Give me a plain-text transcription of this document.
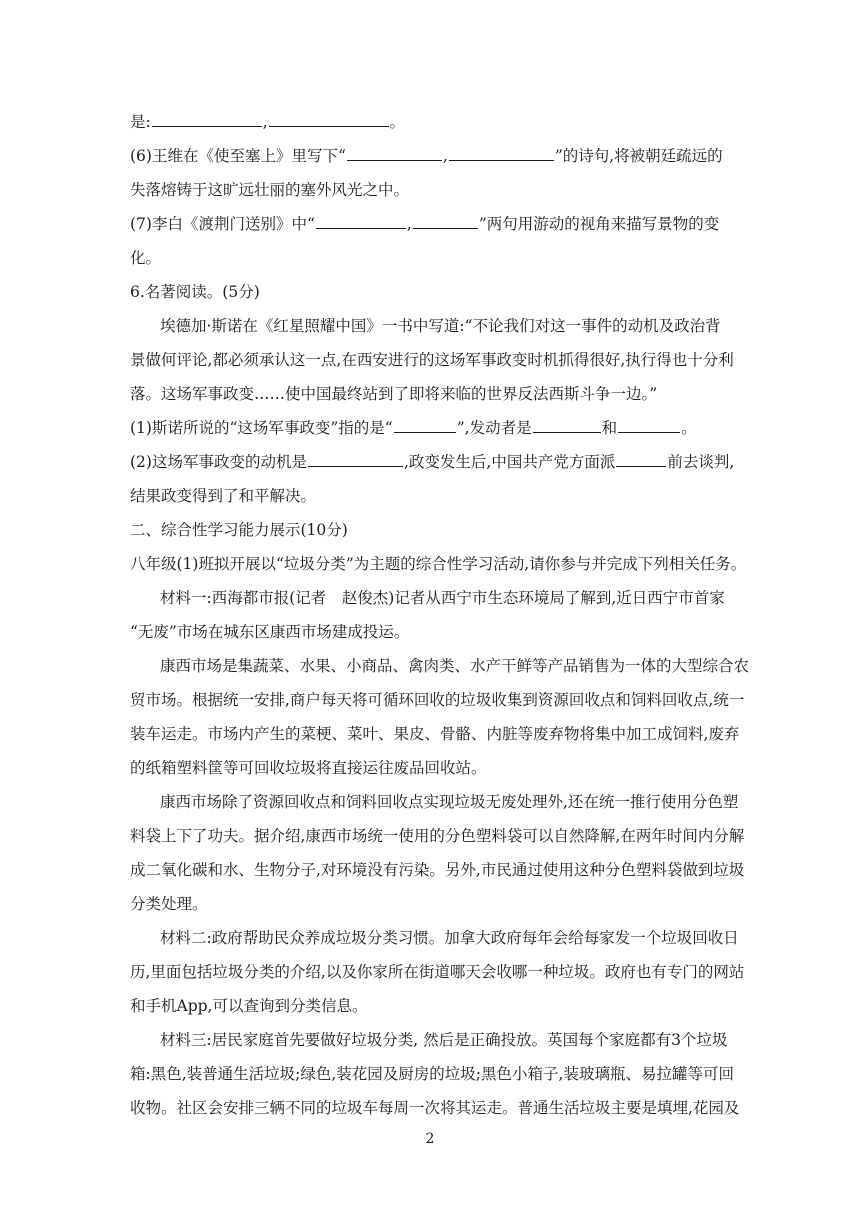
是:	,	。
(6)王维在《使至塞上》里写下“	,	”的诗句,将被朝廷疏远的
失落熔铸于这旷远壮丽的塞外风光之中。
(7)李白《渡荆门送别》中“	,	”两句用游动的视角来描写景物的变
化。
6.名著阅读。(5分)
埃德加·斯诺在《红星照耀中国》一书中写道:“不论我们对这一事件的动机及政治背
景做何评论,都必须承认这一点,在西安进行的这场军事政变时机抓得很好,执行得也十分利
落。这场军事政变……使中国最终站到了即将来临的世界反法西斯斗争一边。”
(1)斯诺所说的“这场军事政变”指的是“	”,发动者是	和	。
(2)这场军事政变的动机是	,政变发生后,中国共产党方面派	前去谈判,
结果政变得到了和平解决。
二、综合性学习能力展示(10分)
八年级(1)班拟开展以“垃圾分类”为主题的综合性学习活动,请你参与并完成下列相关任务。
材料一:西海都市报(记者　赵俊杰)记者从西宁市生态环境局了解到,近日西宁市首家
“无废”市场在城东区康西市场建成投运。
康西市场是集蔬菜、水果、小商品、禽肉类、水产干鲜等产品销售为一体的大型综合农
贸市场。根据统一安排,商户每天将可循环回收的垃圾收集到资源回收点和饲料回收点,统一
装车运走。市场内产生的菜梗、菜叶、果皮、骨骼、内脏等废弃物将集中加工成饲料,废弃
的纸箱塑料筐等可回收垃圾将直接运往废品回收站。
康西市场除了资源回收点和饲料回收点实现垃圾无废处理外,还在统一推行使用分色塑
料袋上下了功夫。据介绍,康西市场统一使用的分色塑料袋可以自然降解,在两年时间内分解
成二氧化碳和水、生物分子,对环境没有污染。另外,市民通过使用这种分色塑料袋做到垃圾
分类处理。
材料二:政府帮助民众养成垃圾分类习惯。加拿大政府每年会给每家发一个垃圾回收日
历,里面包括垃圾分类的介绍,以及你家所在街道哪天会收哪一种垃圾。政府也有专门的网站
和手机App,可以查询到分类信息。
材料三:居民家庭首先要做好垃圾分类, 然后是正确投放。英国每个家庭都有3个垃圾
箱:黑色,装普通生活垃圾;绿色,装花园及厨房的垃圾;黑色小箱子,装玻璃瓶、易拉罐等可回
收物。社区会安排三辆不同的垃圾车每周一次将其运走。普通生活垃圾主要是填埋,花园及
2
